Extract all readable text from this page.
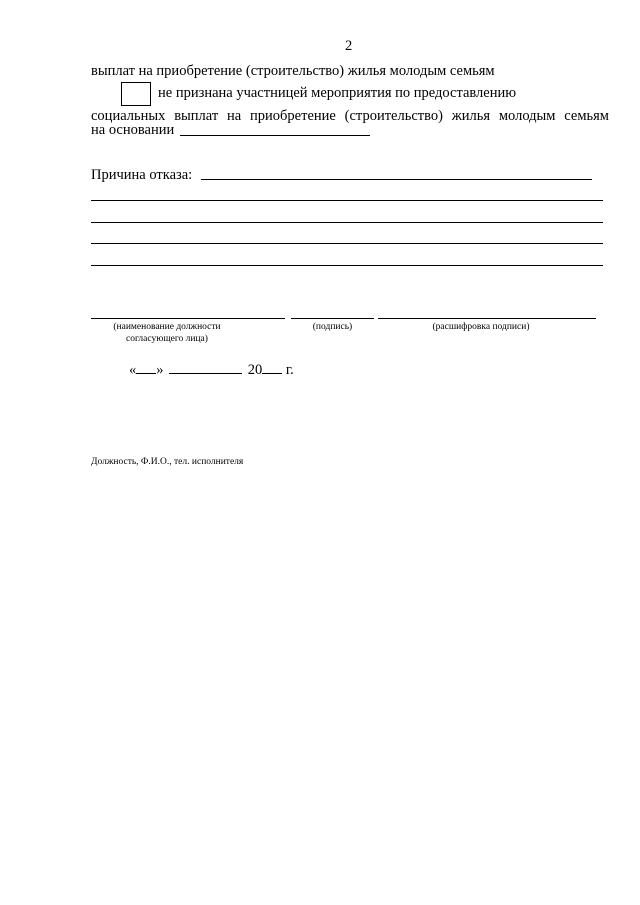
2
выплат на приобретение (строительство) жилья молодым семьям
не признана участницей мероприятия по предоставлению
социальных выплат на приобретение (строительство) жилья молодым семьям
на основании
Причина отказа:
(наименование должности
согласующего лица)
(подпись)	(расшифровка подписи)
« »	20 г.
Должность, Ф.И.О., тел. исполнителя
